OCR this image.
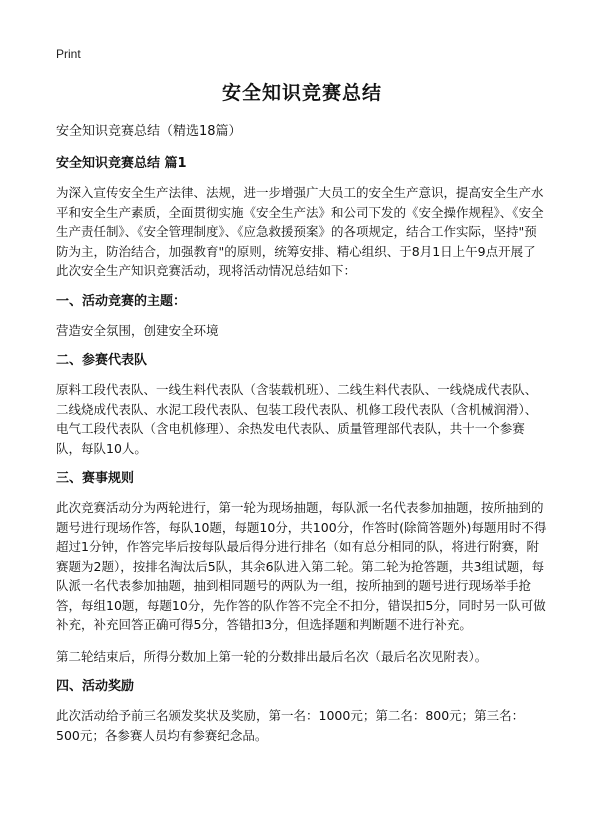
Print
安全知识竞赛总结
安全知识竞赛总结（精选18篇）
安全知识竞赛总结 篇1

为深入宣传安全生产法律、法规，进一步增强广大员工的安全生产意识，提高安全生产水平和安全生产素质，全面贯彻实施《安全生产法》和公司下发的《安全操作规程》、《安全生产责任制》、《安全管理制度》、《应急救援预案》的各项规定，结合工作实际，坚持"预防为主，防治结合，加强教育"的原则，统筹安排、精心组织、于8月1日上午9点开展了此次安全生产知识竞赛活动，现将活动情况总结如下：

一、活动竞赛的主题：

营造安全氛围，创建安全环境

二、参赛代表队

原料工段代表队、一线生料代表队（含装载机班）、二线生料代表队、一线烧成代表队、二线烧成代表队、水泥工段代表队、包装工段代表队、机修工段代表队（含机械润滑）、电气工段代表队（含电机修理）、余热发电代表队、质量管理部代表队，共十一个参赛队，每队10人。

三、赛事规则

此次竞赛活动分为两轮进行，第一轮为现场抽题，每队派一名代表参加抽题，按所抽到的题号进行现场作答，每队10题，每题10分，共100分，作答时(除简答题外)每题用时不得超过1分钟，作答完毕后按每队最后得分进行排名（如有总分相同的队，将进行附赛，附赛题为2题），按排名淘汰后5队，其余6队进入第二轮。第二轮为抢答题，共3组试题，每队派一名代表参加抽题，抽到相同题号的两队为一组，按所抽到的题号进行现场举手抢答，每组10题，每题10分，先作答的队作答不完全不扣分，错误扣5分，同时另一队可做补充，补充回答正确可得5分，答错扣3分，但选择题和判断题不进行补充。

第二轮结束后，所得分数加上第一轮的分数排出最后名次（最后名次见附表）。

四、活动奖励

此次活动给予前三名颁发奖状及奖励，第一名：1000元；第二名：800元；第三名：500元；各参赛人员均有参赛纪念品。
